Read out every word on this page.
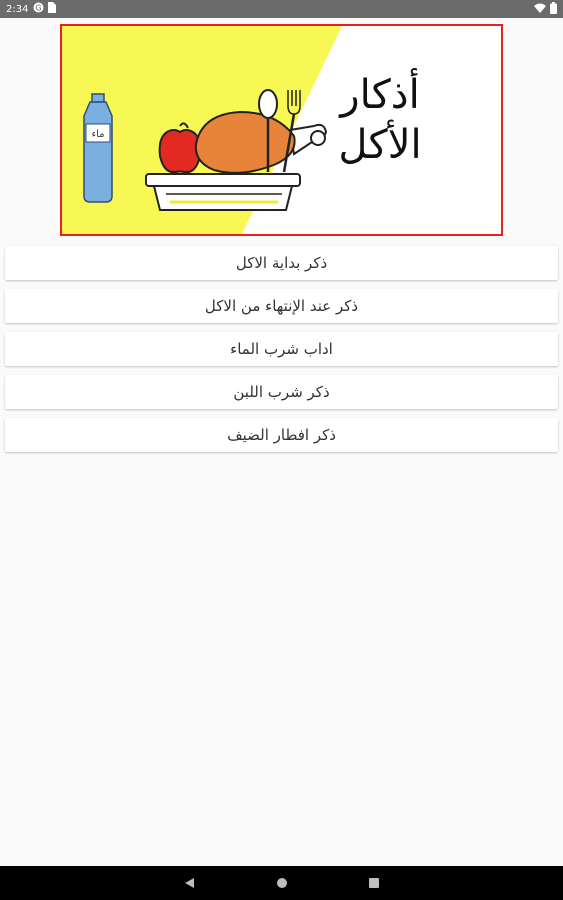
2:34 G
ماء
أذكار الأكل
ذكر بداية الاكل
ذكر عند الإنتهاء من الاكل
اداب شرب الماء
ذكر شرب اللبن
ذكر افطار الضيف
